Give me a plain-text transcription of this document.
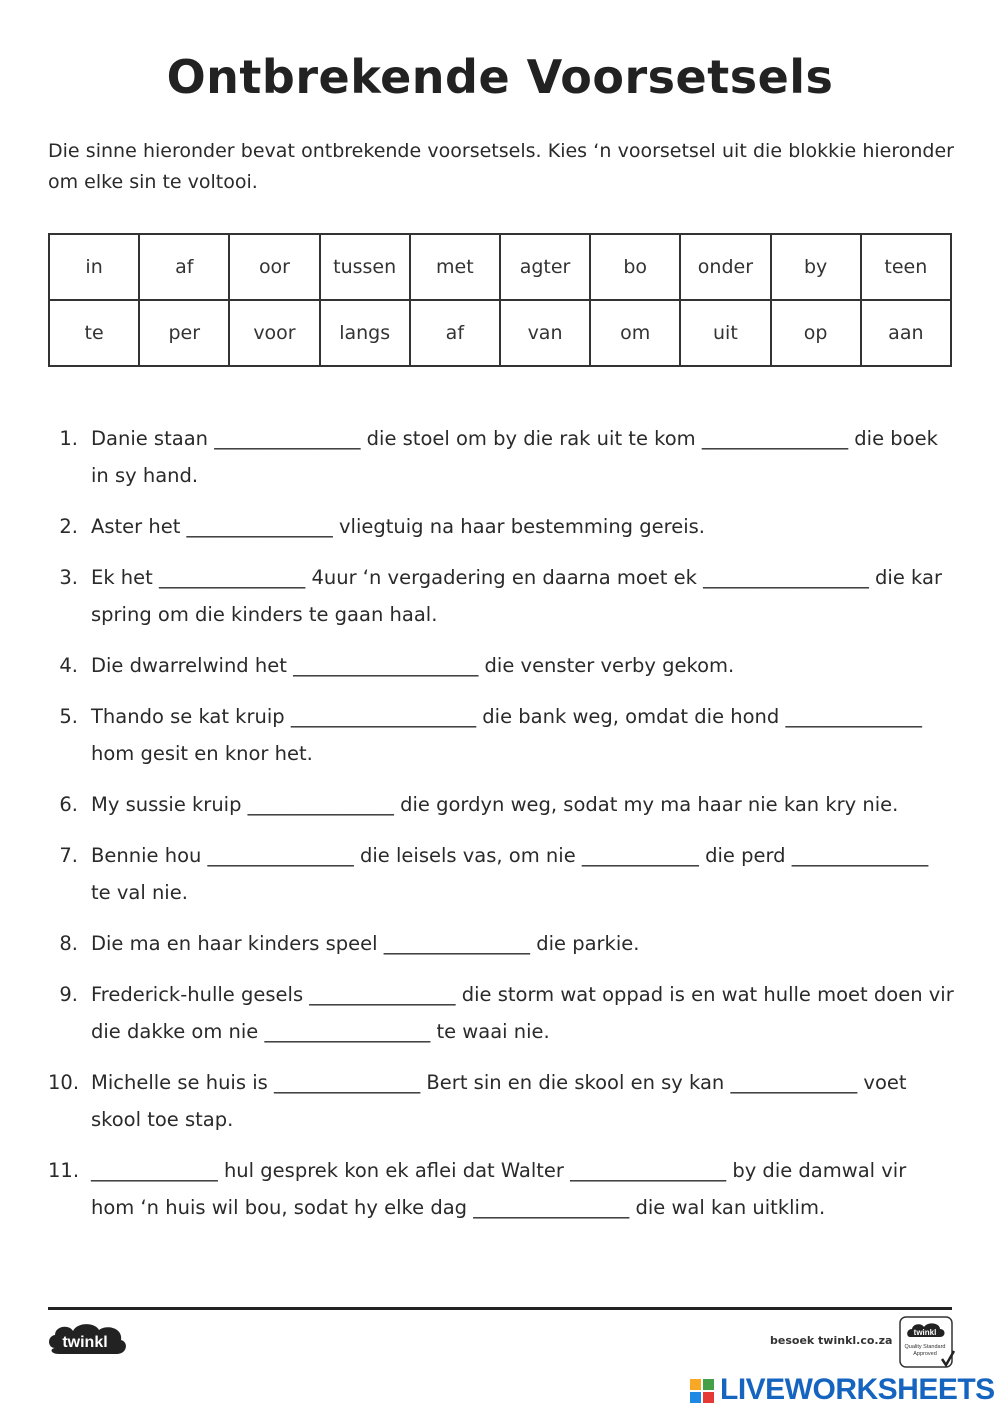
Ontbrekende Voorsetsels
Die sinne hieronder bevat ontbrekende voorsetsels. Kies ‘n voorsetsel uit die blokkie hieronder om elke sin te voltooi.
in	af	oor	tussen	met	agter	bo	onder	by	teen
te	per	voor	langs	af	van	om	uit	op	aan
1. Danie staan _______________ die stoel om by die rak uit te kom _______________ die boek
in sy hand.
2. Aster het _______________ vliegtuig na haar bestemming gereis.
3. Ek het _______________ 4uur ‘n vergadering en daarna moet ek _________________ die kar
spring om die kinders te gaan haal.
4. Die dwarrelwind het ___________________ die venster verby gekom.
5. Thando se kat kruip ___________________ die bank weg, omdat die hond ______________
hom gesit en knor het.
6. My sussie kruip _______________ die gordyn weg, sodat my ma haar nie kan kry nie.
7. Bennie hou _______________ die leisels vas, om nie ____________ die perd ______________
te val nie.
8. Die ma en haar kinders speel _______________ die parkie.
9. Frederick-hulle gesels _______________ die storm wat oppad is en wat hulle moet doen vir
die dakke om nie _________________ te waai nie.
10. Michelle se huis is _______________ Bert sin en die skool en sy kan _____________ voet
skool toe stap.
11. _____________ hul gesprek kon ek aflei dat Walter ________________ by die damwal vir
hom ‘n huis wil bou, sodat hy elke dag ________________ die wal kan uitklim.
twinkl	besoek twinkl.co.za
twinkl
Quality Standard
Approved
LIVEWORKSHEETS
